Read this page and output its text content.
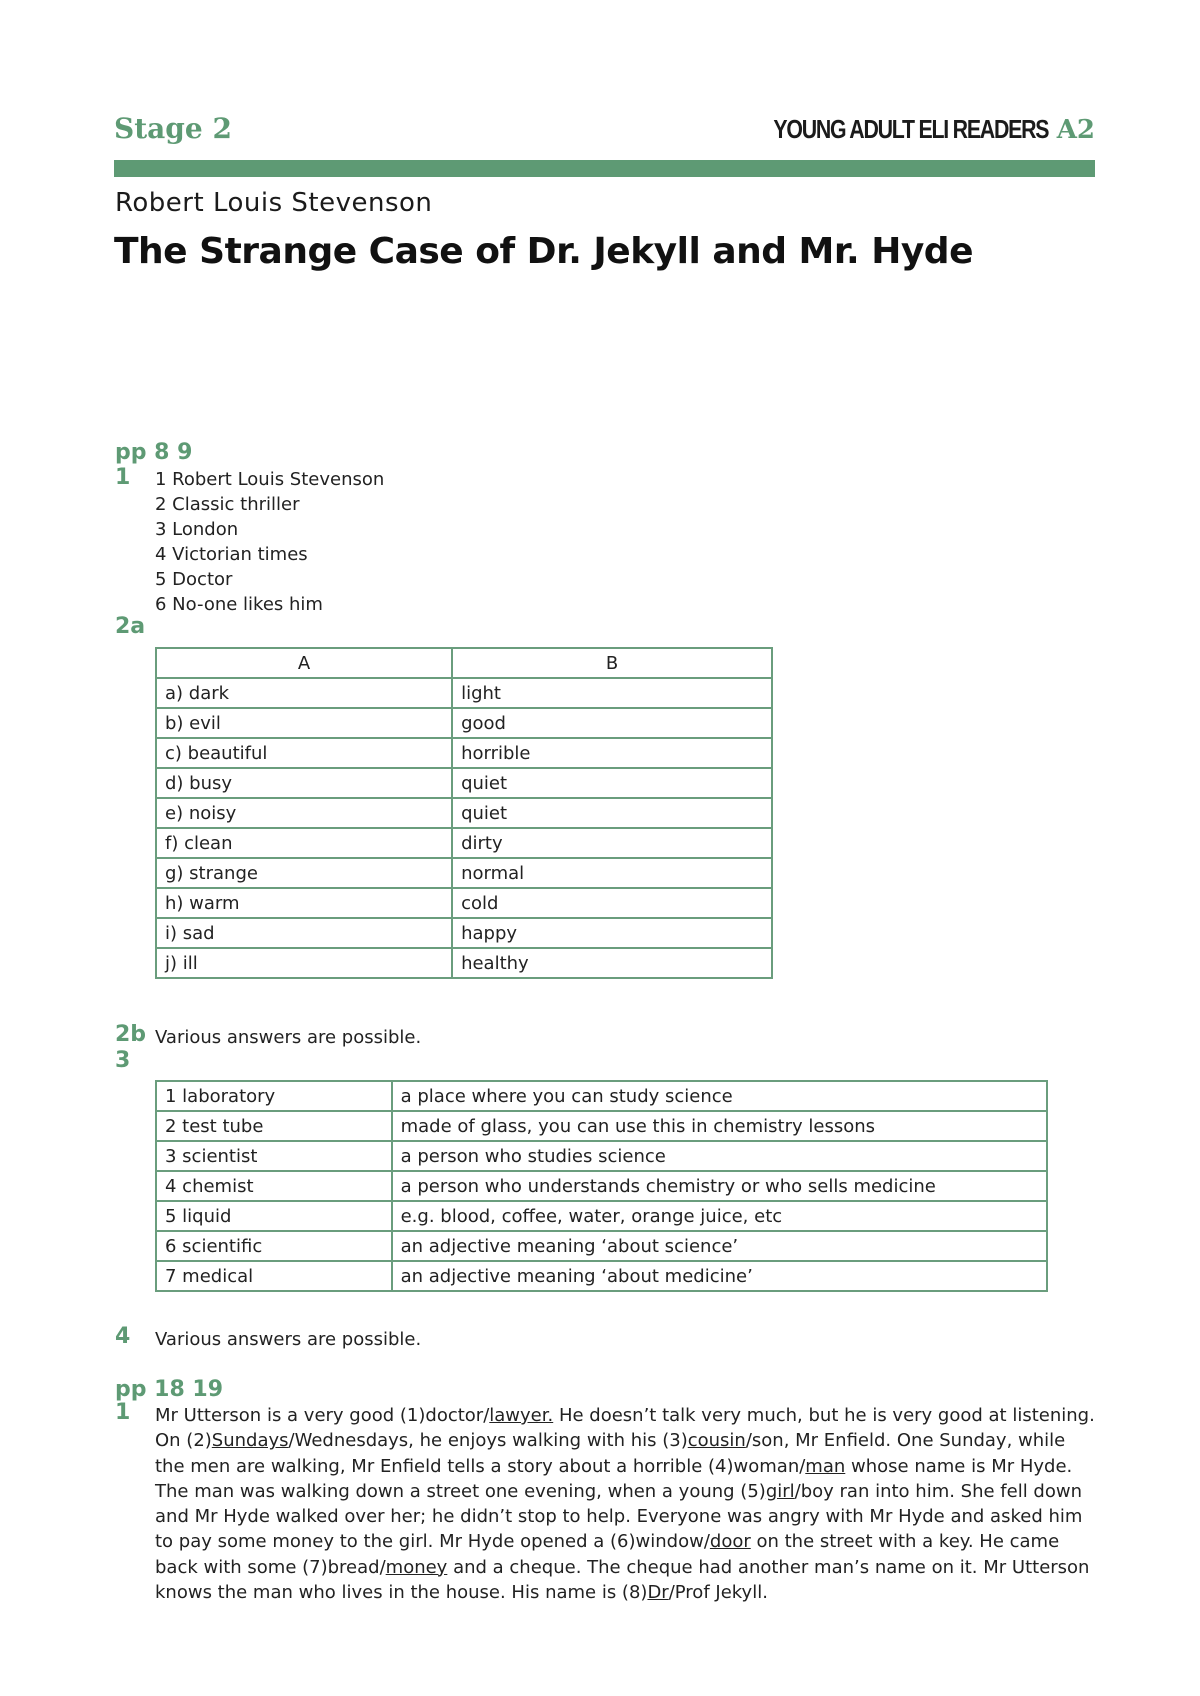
Stage 2	YOUNG ADULT ELI READERS A2
Robert Louis Stevenson
The Strange Case of Dr. Jekyll and Mr. Hyde
pp 8 9
1 1 Robert Louis Stevenson
2 Classic thriller
3 London
4 Victorian times
5 Doctor
6 No-one likes him
2a
A	B
a) dark	light
b) evil	good
c) beautiful	horrible
d) busy	quiet
e) noisy	quiet
f) clean	dirty
g) strange	normal
h) warm	cold
i) sad	happy
j) ill	healthy
2b Various answers are possible.
3
1 laboratory	a place where you can study science
2 test tube	made of glass, you can use this in chemistry lessons
3 scientist	a person who studies science
4 chemist	a person who understands chemistry or who sells medicine
5 liquid	e.g. blood, coffee, water, orange juice, etc
6 scientific	an adjective meaning ‘about science’
7 medical	an adjective meaning ‘about medicine’
4 Various answers are possible.
pp 18 19
1 Mr Utterson is a very good (1)doctor/lawyer. He doesn’t talk very much, but he is very good at listening. On (2)Sundays/Wednesdays, he enjoys walking with his (3)cousin/son, Mr Enfield. One Sunday, while the men are walking, Mr Enfield tells a story about a horrible (4)woman/man whose name is Mr Hyde. The man was walking down a street one evening, when a young (5)girl/boy ran into him. She fell down and Mr Hyde walked over her; he didn’t stop to help. Everyone was angry with Mr Hyde and asked him to pay some money to the girl. Mr Hyde opened a (6)window/door on the street with a key. He came back with some (7)bread/money and a cheque. The cheque had another man’s name on it. Mr Utterson knows the man who lives in the house. His name is (8)Dr/Prof Jekyll.
